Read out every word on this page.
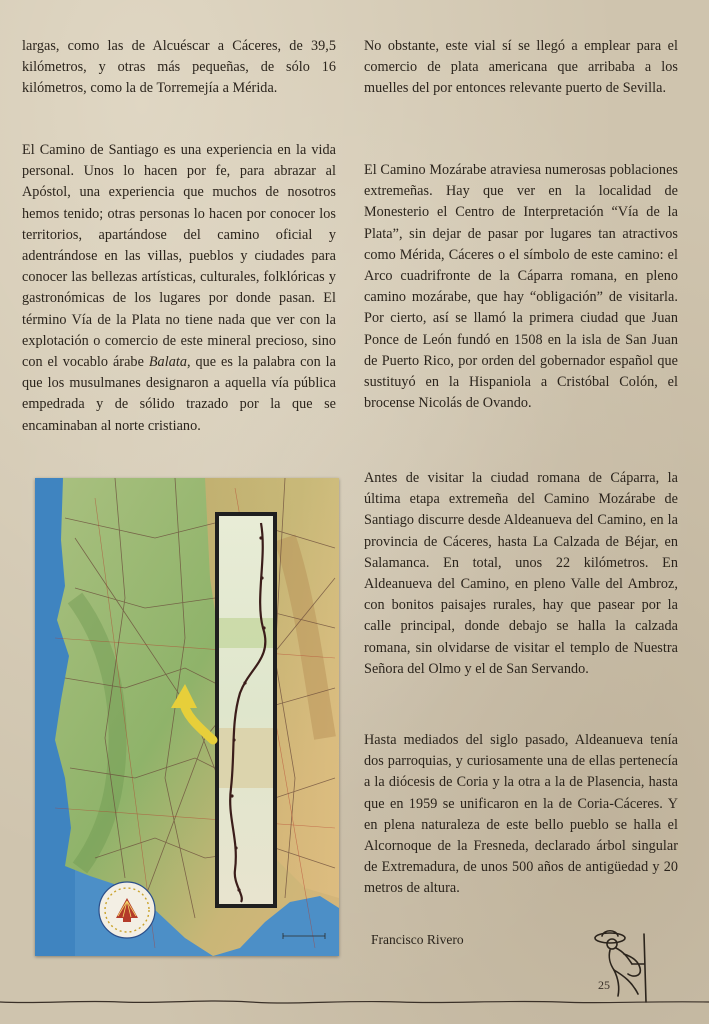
largas, como las de Alcuéscar a Cáceres, de 39,5 kilómetros, y otras más pequeñas, de sólo 16 kilómetros, como la de Torremejía a Mérida.

El Camino de Santiago es una experiencia en la vida personal. Unos lo hacen por fe, para abrazar al Apóstol, una experiencia que muchos de nosotros hemos tenido; otras personas lo hacen por conocer los territorios, apartándose del camino oficial y adentrándose en las villas, pueblos y ciudades para conocer las bellezas artísticas, culturales, folklóricas y gastronómicas de los lugares por donde pasan. El término Vía de la Plata no tiene nada que ver con la explotación o comercio de este mineral precioso, sino con el vocablo árabe Balata, que es la palabra con la que los musulmanes designaron a aquella vía pública empedrada y de sólido trazado por la que se encaminaban al norte cristiano.

No obstante, este vial sí se llegó a emplear para el comercio de plata americana que arribaba a los muelles del por entonces relevante puerto de Sevilla.

El Camino Mozárabe atraviesa numerosas poblaciones extremeñas. Hay que ver en la localidad de Monesterio el Centro de Interpretación “Vía de la Plata”, sin dejar de pasar por lugares tan atractivos como Mérida, Cáceres o el símbolo de este camino: el Arco cuadrifronte de la Cáparra romana, en pleno camino mozárabe, que hay “obligación” de visitarla. Por cierto, así se llamó la primera ciudad que Juan Ponce de León fundó en 1508 en la isla de San Juan de Puerto Rico, por orden del gobernador español que sustituyó en la Hispaniola a Cristóbal Colón, el brocense Nicolás de Ovando.

Antes de visitar la ciudad romana de Cáparra, la última etapa extremeña del Camino Mozárabe de Santiago discurre desde Aldeanueva del Camino, en la provincia de Cáceres, hasta La Calzada de Béjar, en Salamanca. En total, unos 22 kilómetros. En Aldeanueva del Camino, en pleno Valle del Ambroz, con bonitos paisajes rurales, hay que pasear por la calle principal, donde debajo se halla la calzada romana, sin olvidarse de visitar el templo de Nuestra Señora del Olmo y el de San Servando.

Hasta mediados del siglo pasado, Aldeanueva tenía dos parroquias, y curiosamente una de ellas pertenecía a la diócesis de Coria y la otra a la de Plasencia, hasta que en 1959 se unificaron en la de Coria-Cáceres. Y en plena naturaleza de este bello pueblo se halla el Alcornoque de la Fresneda, declarado árbol singular de Extremadura, de unos 500 años de antigüedad y 20 metros de altura.

Francisco Rivero
25
